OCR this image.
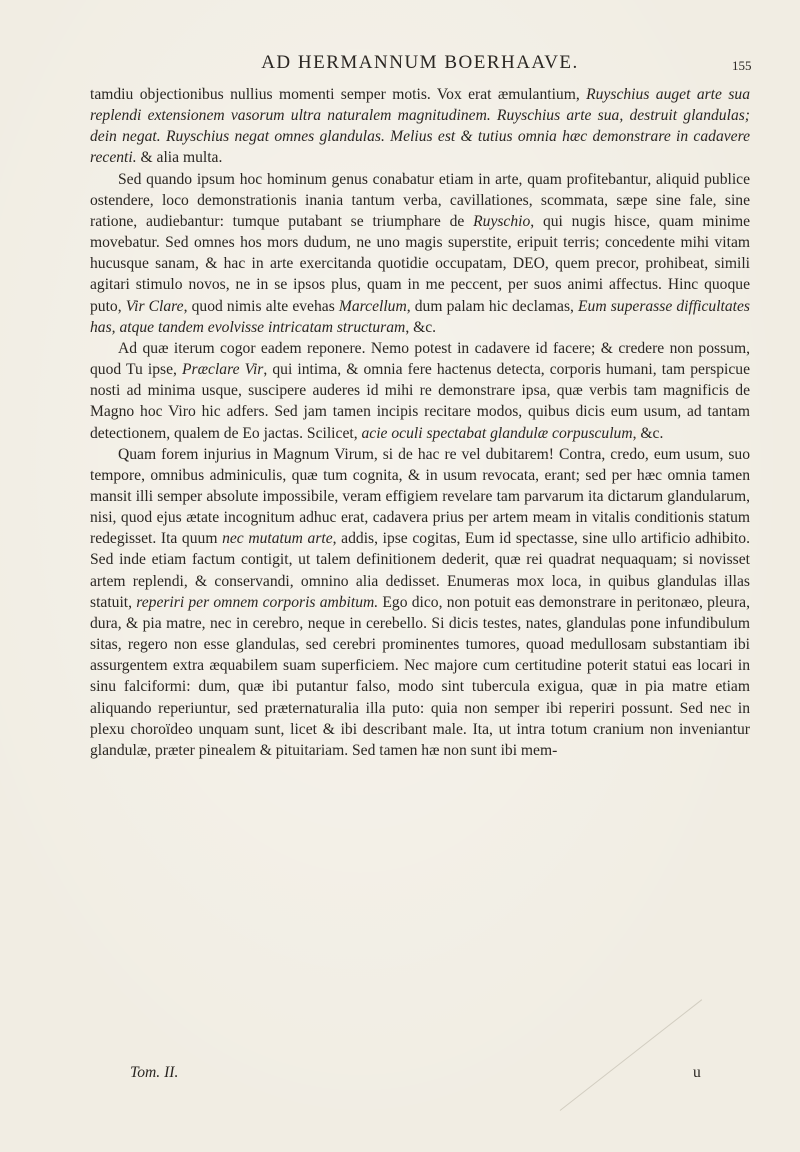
AD HERMANNUM BOERHAAVE.	155

tamdiu objectionibus nullius momenti semper motis. Vox erat æmulantium, Ruyschius auget arte sua replendi extensionem vasorum ultra naturalem magnitudinem. Ruyschius arte sua, destruit glandulas; dein negat. Ruyschius negat omnes glandulas. Melius est & tutius omnia hæc demonstrare in cadavere recenti. & alia multa.

Sed quando ipsum hoc hominum genus conabatur etiam in arte, quam profitebantur, aliquid publice ostendere, loco demonstrationis inania tantum verba, cavillationes, scommata, sæpe sine fale, sine ratione, audiebantur: tumque putabant se triumphare de Ruyschio, qui nugis hisce, quam minime movebatur. Sed omnes hos mors dudum, ne uno magis superstite, eripuit terris; concedente mihi vitam hucusque sanam, & hac in arte exercitanda quotidie occupatam, DEO, quem precor, prohibeat, simili agitari stimulo novos, ne in se ipsos plus, quam in me peccent, per suos animi affectus. Hinc quoque puto, Vir Clare, quod nimis alte evehas Marcellum, dum palam hic declamas, Eum superasse difficultates has, atque tandem evolvisse intricatam structuram, &c.

Ad quæ iterum cogor eadem reponere. Nemo potest in cadavere id facere; & credere non possum, quod Tu ipse, Præclare Vir, qui intima, & omnia fere hactenus detecta, corporis humani, tam perspicue nosti ad minima usque, suscipere auderes id mihi re demonstrare ipsa, quæ verbis tam magnificis de Magno hoc Viro hic adfers. Sed jam tamen incipis recitare modos, quibus dicis eum usum, ad tantam detectionem, qualem de Eo jactas. Scilicet, acie oculi spectabat glandulæ corpusculum, &c.

Quam forem injurius in Magnum Virum, si de hac re vel dubitarem! Contra, credo, eum usum, suo tempore, omnibus adminiculis, quæ tum cognita, & in usum revocata, erant; sed per hæc omnia tamen mansit illi semper absolute impossibile, veram effigiem revelare tam parvarum ita dictarum glandularum, nisi, quod ejus ætate incognitum adhuc erat, cadavera prius per artem meam in vitalis conditionis statum redegisset. Ita quum nec mutatum arte, addis, ipse cogitas, Eum id spectasse, sine ullo artificio adhibito. Sed inde etiam factum contigit, ut talem definitionem dederit, quæ rei quadrat nequaquam; si novisset artem replendi, & conservandi, omnino alia dedisset. Enumeras mox loca, in quibus glandulas illas statuit, reperiri per omnem corporis ambitum. Ego dico, non potuit eas demonstrare in peritonæo, pleura, dura, & pia matre, nec in cerebro, neque in cerebello. Si dicis testes, nates, glandulas pone infundibulum sitas, regero non esse glandulas, sed cerebri prominentes tumores, quoad medullosam substantiam ibi assurgentem extra æquabilem suam superficiem. Nec majore cum certitudine poterit statui eas locari in sinu falciformi: dum, quæ ibi putantur falso, modo sint tubercula exigua, quæ in pia matre etiam aliquando reperiuntur, sed præternaturalia illa puto: quia non semper ibi reperiri possunt. Sed nec in plexu choroïdeo unquam sunt, licet & ibi describant male. Ita, ut intra totum cranium non inveniantur glandulæ, præter pinealem & pituitariam. Sed tamen hæ non sunt ibi mem-

Tom. II.	u
